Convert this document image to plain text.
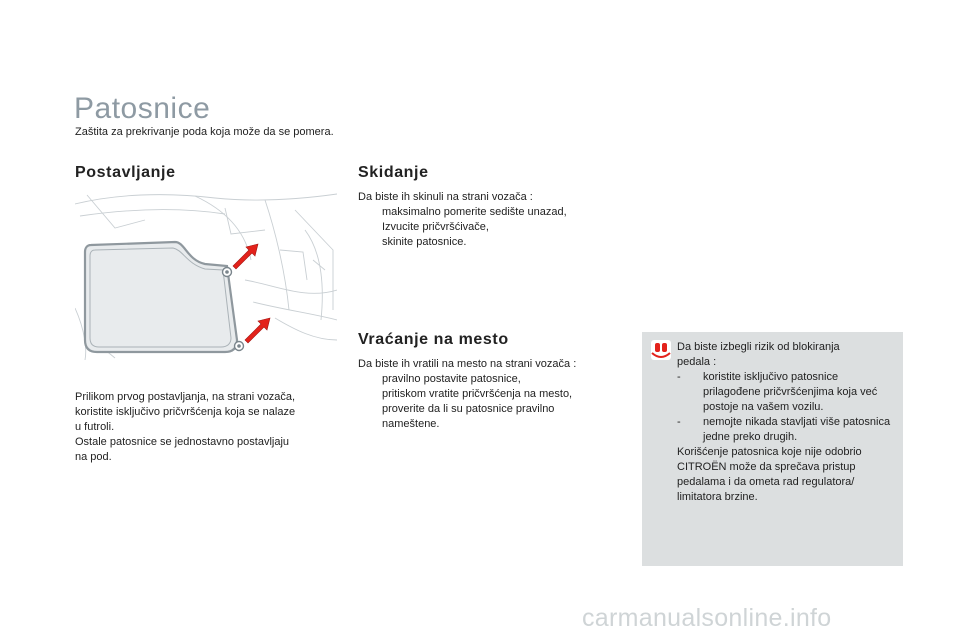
Patosnice
Zaštita za prekrivanje poda koja može da se pomera.
Postavljanje
Prilikom prvog postavljanja, na strani vozača,
koristite isključivo pričvršćenja koja se nalaze
u futroli.
Ostale patosnice se jednostavno postavljaju
na pod.
Skidanje
Da biste ih skinuli na strani vozača :
maksimalno pomerite sedište unazad,
Izvucite pričvršćivače,
skinite patosnice.
Vraćanje na mesto
Da biste ih vratili na mesto na strani vozača :
pravilno postavite patosnice,
pritiskom vratite pričvršćenja na mesto,
proverite da li su patosnice pravilno nameštene.
Da biste izbegli rizik od blokiranja
pedala :
- koristite isključivo patosnice prilagođene pričvršćenjima koja već postoje na vašem vozilu.
- nemojte nikada stavljati više patosnica jedne preko drugih.
Korišćenje patosnica koje nije odobrio CITROËN može da sprečava pristup pedalama i da ometa rad regulatora/ limitatora brzine.
carmanualsonline.info
